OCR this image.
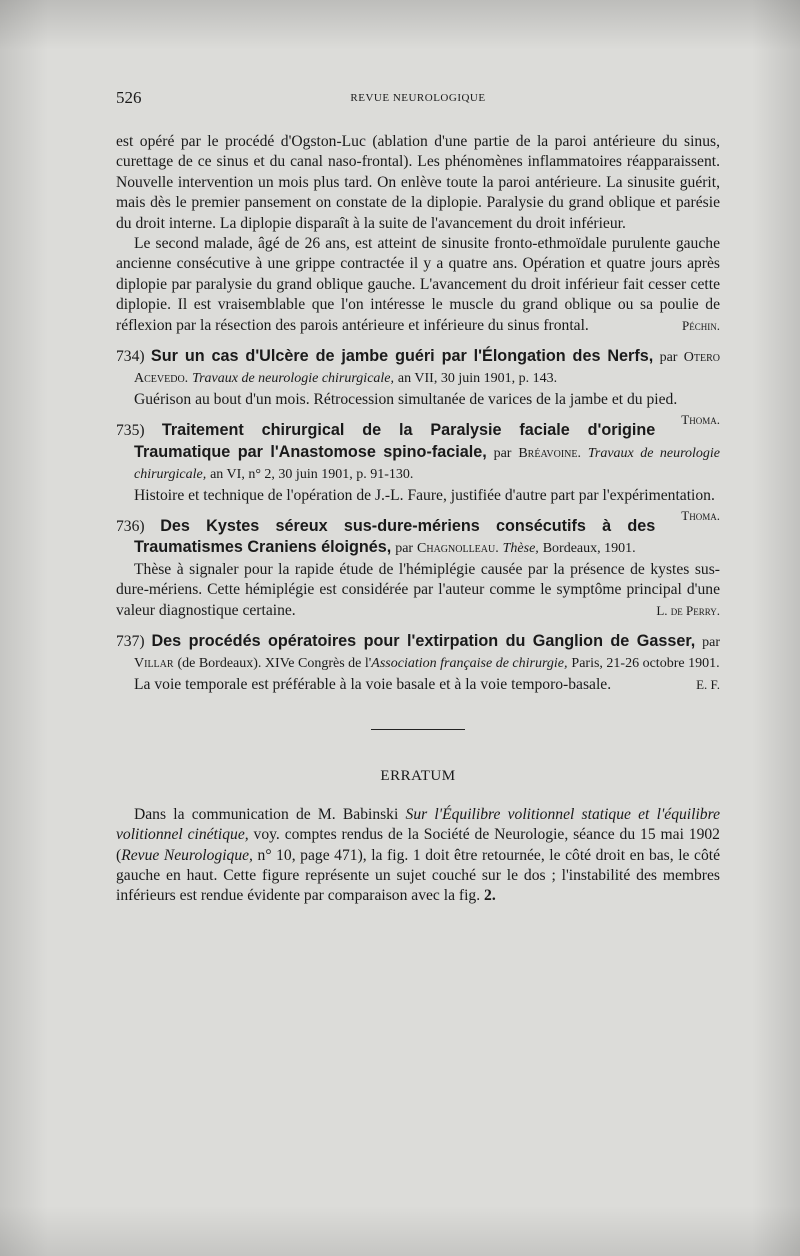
526	REVUE NEUROLOGIQUE

est opéré par le procédé d'Ogston-Luc (ablation d'une partie de la paroi antérieure du sinus, curettage de ce sinus et du canal naso-frontal). Les phénomènes inflammatoires réapparaissent. Nouvelle intervention un mois plus tard. On enlève toute la paroi antérieure. La sinusite guérit, mais dès le premier pansement on constate de la diplopie. Paralysie du grand oblique et parésie du droit interne. La diplopie disparaît à la suite de l'avancement du droit inférieur.

Le second malade, âgé de 26 ans, est atteint de sinusite fronto-ethmoïdale purulente gauche ancienne consécutive à une grippe contractée il y a quatre ans. Opération et quatre jours après diplopie par paralysie du grand oblique gauche. L'avancement du droit inférieur fait cesser cette diplopie. Il est vraisemblable que l'on intéresse le muscle du grand oblique ou sa poulie de réflexion par la résection des parois antérieure et inférieure du sinus frontal.	Péchin.

734) Sur un cas d'Ulcère de jambe guéri par l'Élongation des Nerfs, par Otero Acevedo. Travaux de neurologie chirurgicale, an VII, 30 juin 1901, p. 143.

Guérison au bout d'un mois. Rétrocession simultanée de varices de la jambe et du pied.
Thoma.

735) Traitement chirurgical de la Paralysie faciale d'origine Traumatique par l'Anastomose spino-faciale, par Bréavoine. Travaux de neurologie chirurgicale, an VI, n° 2, 30 juin 1901, p. 91-130.

Histoire et technique de l'opération de J.-L. Faure, justifiée d'autre part par l'expérimentation.
Thoma.

736) Des Kystes séreux sus-dure-mériens consécutifs à des Traumatismes Craniens éloignés, par Chagnolleau. Thèse, Bordeaux, 1901.

Thèse à signaler pour la rapide étude de l'hémiplégie causée par la présence de kystes sus-dure-mériens. Cette hémiplégie est considérée par l'auteur comme le symptôme principal d'une valeur diagnostique certaine.	L. de Perry.

737) Des procédés opératoires pour l'extirpation du Ganglion de Gasser, par Villar (de Bordeaux). XIVe Congrès de l'Association française de chirurgie, Paris, 21-26 octobre 1901.

La voie temporale est préférable à la voie basale et à la voie temporo-basale.	E. F.

ERRATUM

Dans la communication de M. Babinski Sur l'Équilibre volitionnel statique et l'équilibre volitionnel cinétique, voy. comptes rendus de la Société de Neurologie, séance du 15 mai 1902 (Revue Neurologique, n° 10, page 471), la fig. 1 doit être retournée, le côté droit en bas, le côté gauche en haut. Cette figure représente un sujet couché sur le dos ; l'instabilité des membres inférieurs est rendue évidente par comparaison avec la fig. 2.
